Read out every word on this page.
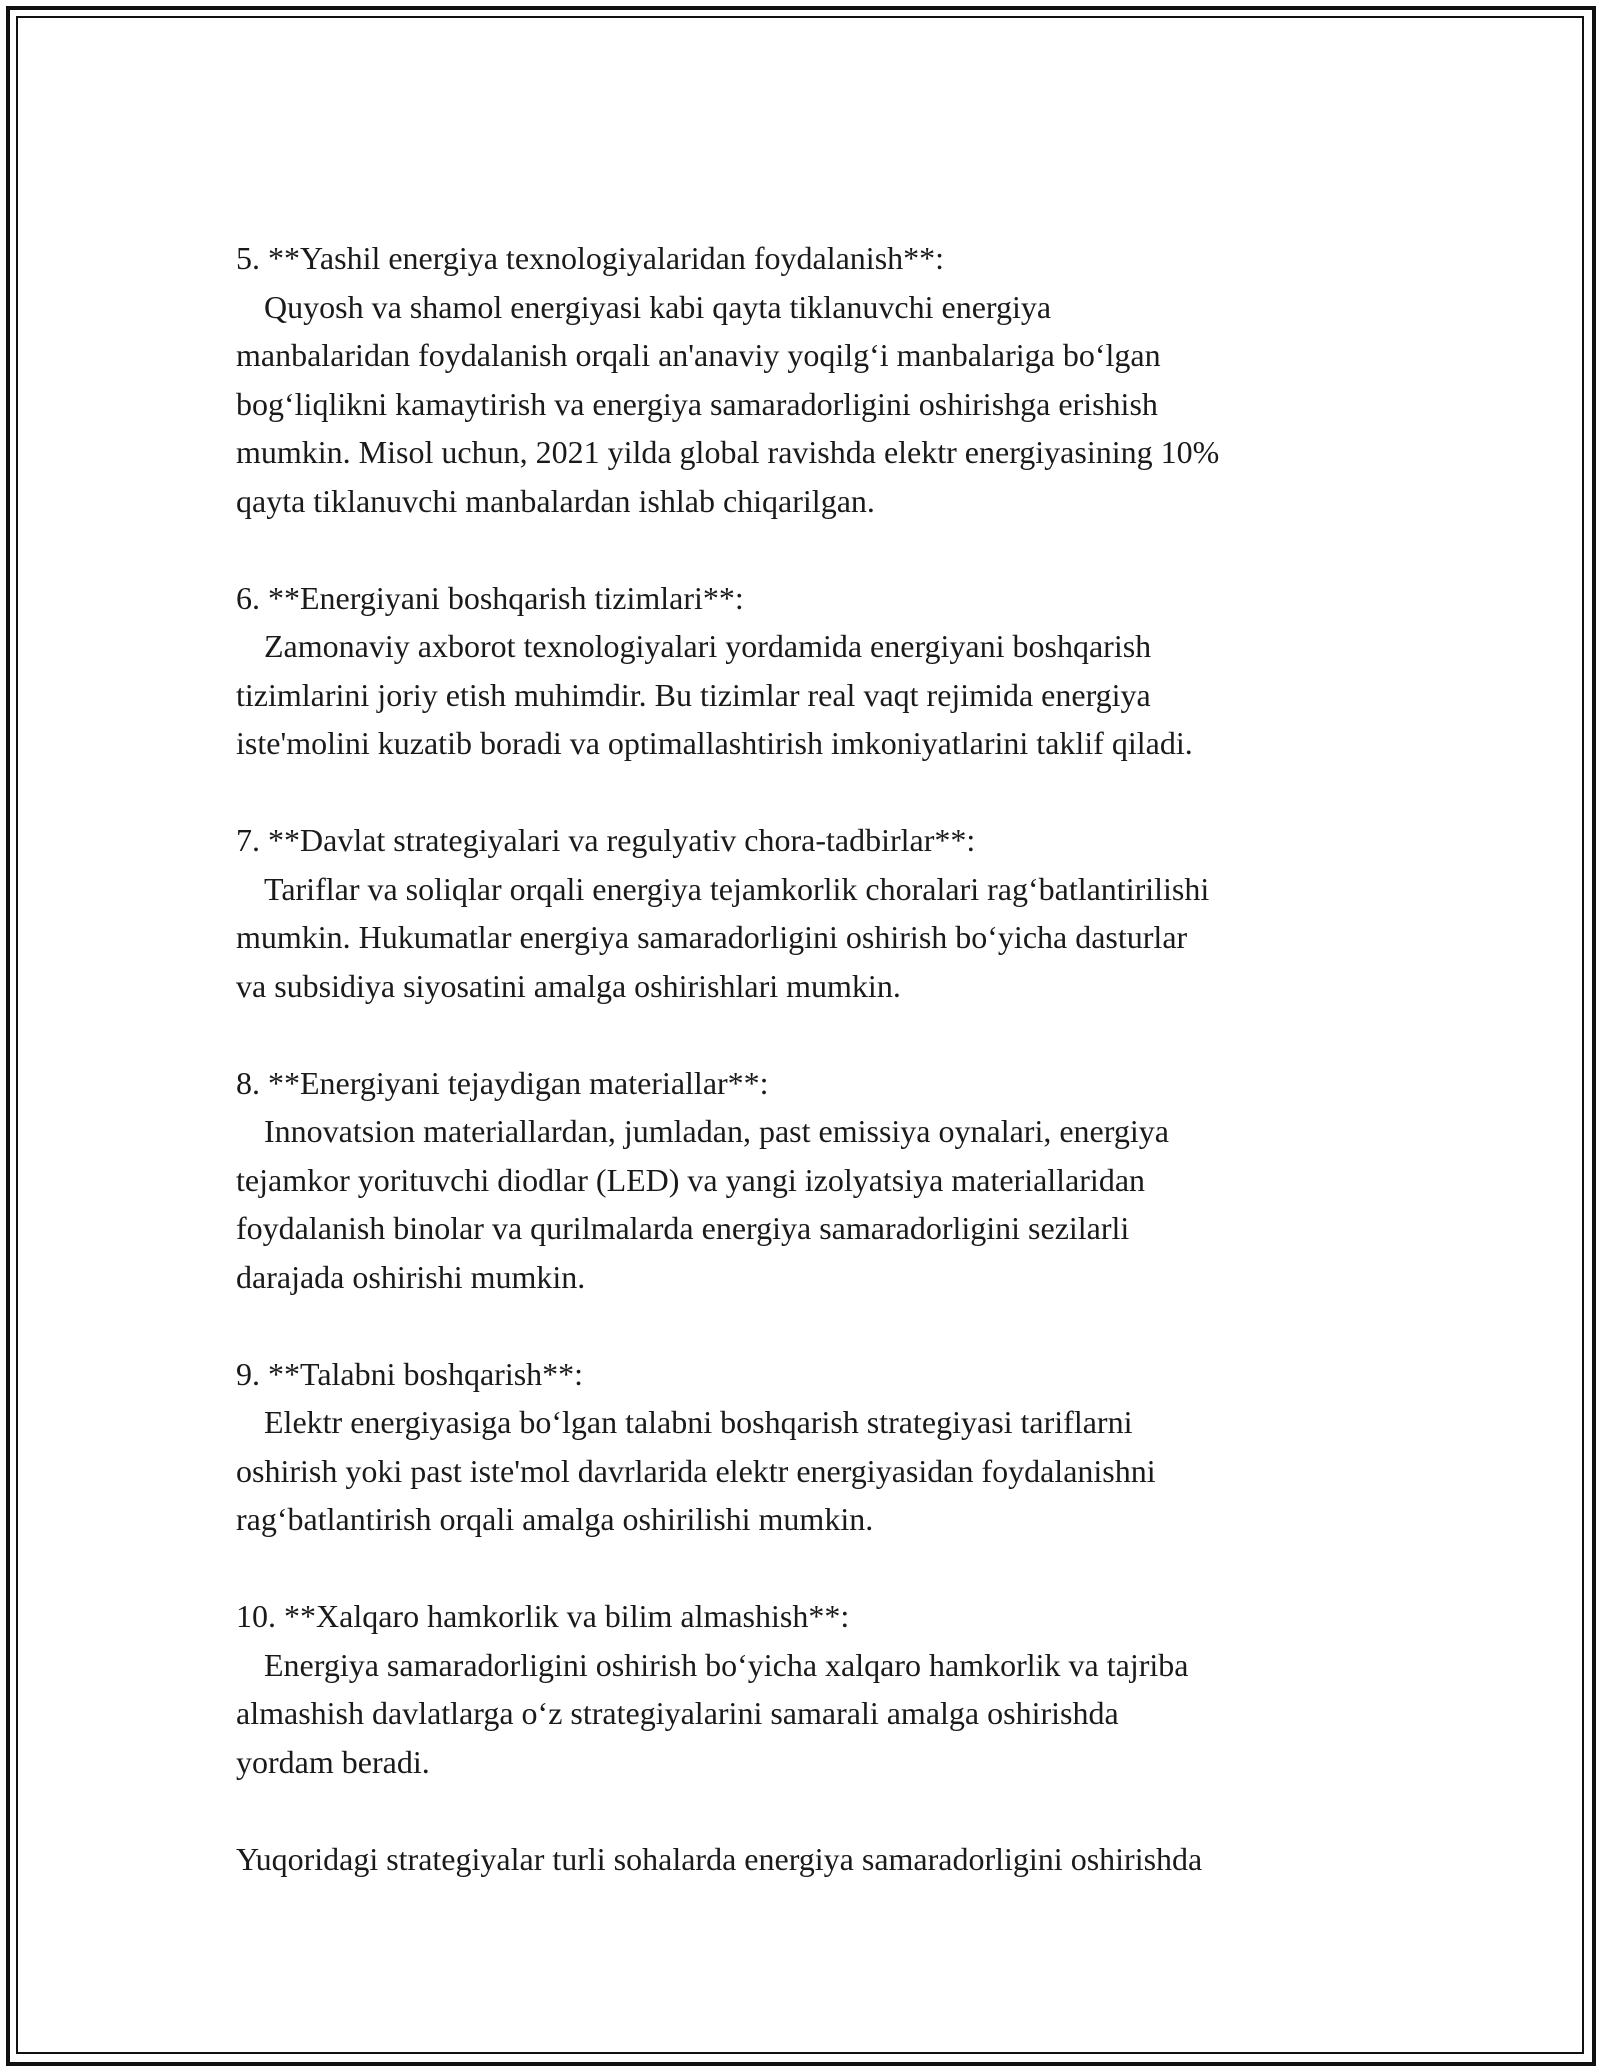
5. **Yashil energiya texnologiyalaridan foydalanish**:
Quyosh va shamol energiyasi kabi qayta tiklanuvchi energiya
manbalaridan foydalanish orqali an'anaviy yoqilg‘i manbalariga bo‘lgan
bog‘liqlikni kamaytirish va energiya samaradorligini oshirishga erishish
mumkin. Misol uchun, 2021 yilda global ravishda elektr energiyasining 10%
qayta tiklanuvchi manbalardan ishlab chiqarilgan.
6. **Energiyani boshqarish tizimlari**:
Zamonaviy axborot texnologiyalari yordamida energiyani boshqarish
tizimlarini joriy etish muhimdir. Bu tizimlar real vaqt rejimida energiya
iste'molini kuzatib boradi va optimallashtirish imkoniyatlarini taklif qiladi.
7. **Davlat strategiyalari va regulyativ chora-tadbirlar**:
Tariflar va soliqlar orqali energiya tejamkorlik choralari rag‘batlantirilishi
mumkin. Hukumatlar energiya samaradorligini oshirish bo‘yicha dasturlar
va subsidiya siyosatini amalga oshirishlari mumkin.
8. **Energiyani tejaydigan materiallar**:
Innovatsion materiallardan, jumladan, past emissiya oynalari, energiya
tejamkor yorituvchi diodlar (LED) va yangi izolyatsiya materiallaridan
foydalanish binolar va qurilmalarda energiya samaradorligini sezilarli
darajada oshirishi mumkin.
9. **Talabni boshqarish**:
Elektr energiyasiga bo‘lgan talabni boshqarish strategiyasi tariflarni
oshirish yoki past iste'mol davrlarida elektr energiyasidan foydalanishni
rag‘batlantirish orqali amalga oshirilishi mumkin.
10. **Xalqaro hamkorlik va bilim almashish**:
Energiya samaradorligini oshirish bo‘yicha xalqaro hamkorlik va tajriba
almashish davlatlarga o‘z strategiyalarini samarali amalga oshirishda
yordam beradi.

Yuqoridagi strategiyalar turli sohalarda energiya samaradorligini oshirishda
